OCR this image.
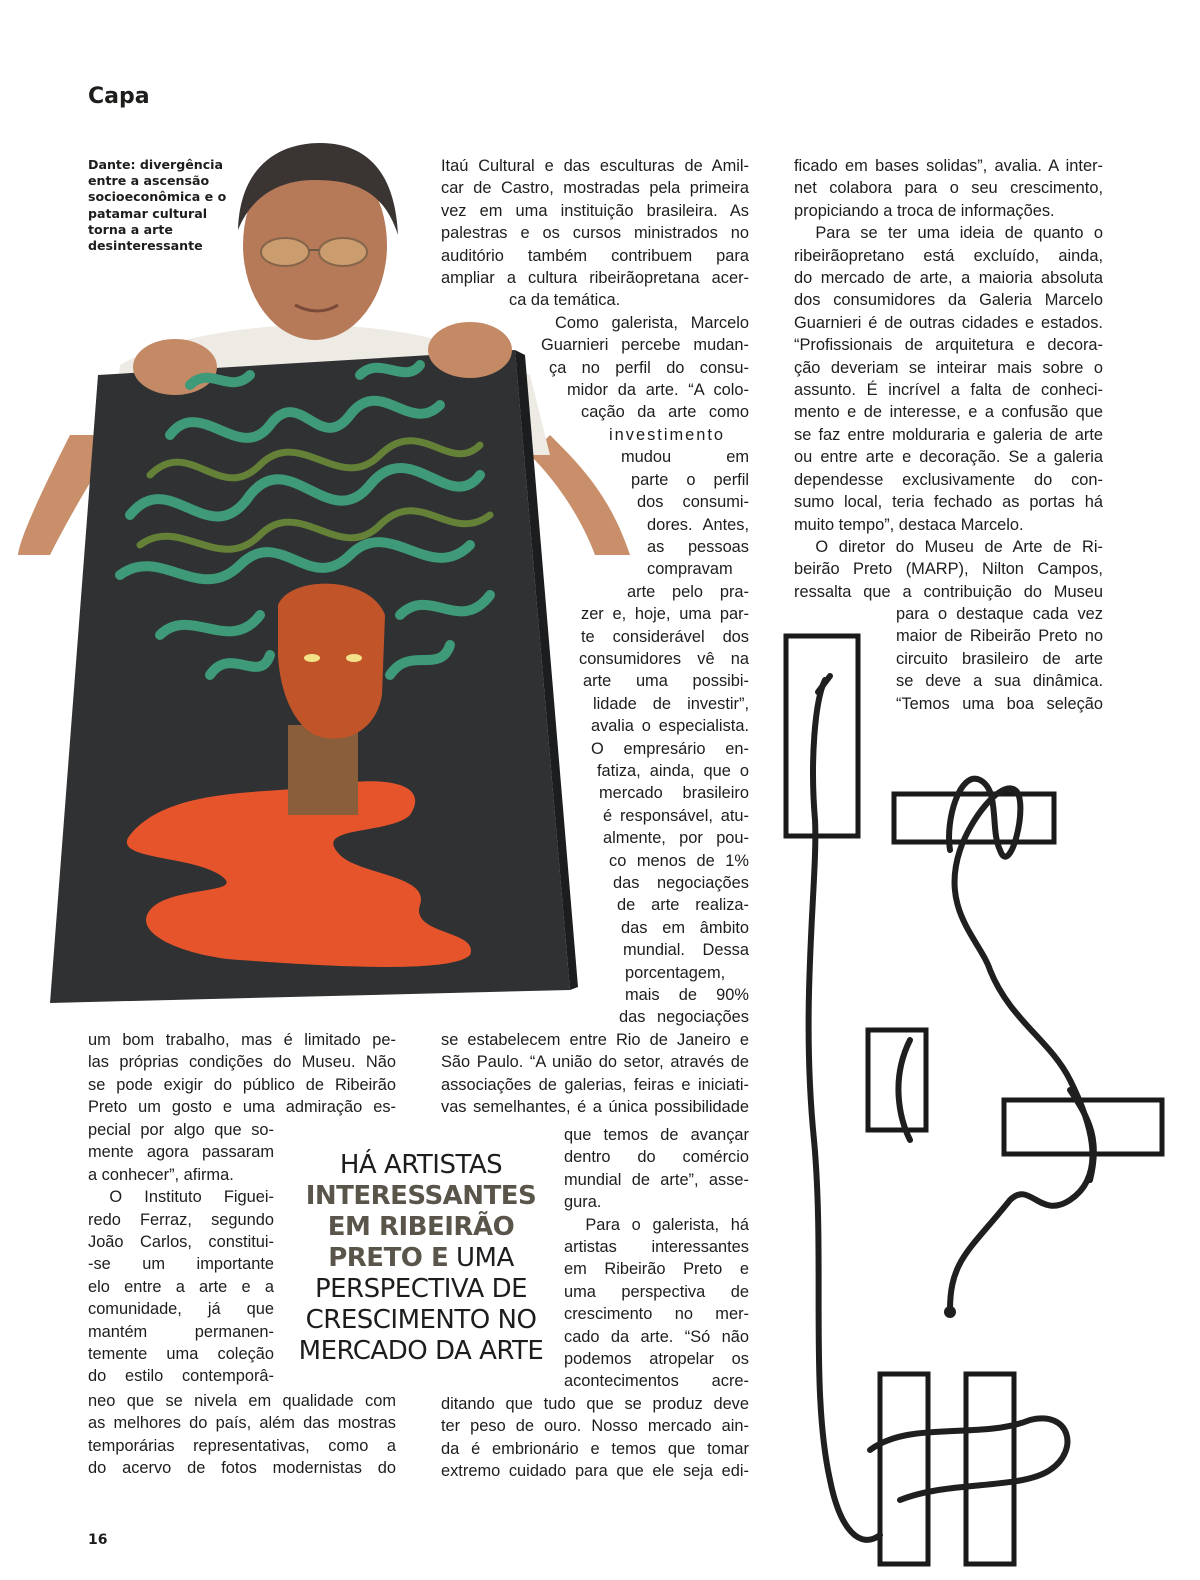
Capa
Dante: divergência entre a ascensão socioeconômica e o patamar cultural torna a arte desinteressante

Itaú Cultural e das esculturas de Amil-

car de Castro, mostradas pela primeira

vez em uma instituição brasileira. As

palestras e os cursos ministrados no

auditório também contribuem para

ampliar a cultura ribeirãopretana acer-

ca da temática.

Como galerista, Marcelo

Guarnieri percebe mudan-

ça no perfil do consu-

midor da arte. “A colo-

cação da arte como

investimento

mudou em

parte o perfil

dos consumi-

dores. Antes,

as pessoas

compravam

arte pelo pra-

zer e, hoje, uma par-

te considerável dos

consumidores vê na

arte uma possibi-

lidade de investir”,

avalia o especialista.

O empresário en-

fatiza, ainda, que o

mercado brasileiro

é responsável, atu-

almente, por pou-

co menos de 1%

das negociações

de arte realiza-

das em âmbito

mundial. Dessa

porcentagem,

mais de 90%

das negociações

se estabelecem entre Rio de Janeiro e

São Paulo. “A união do setor, através de

associações de galerias, feiras e iniciati-

vas semelhantes, é a única possibilidade

que temos de avançar

dentro do comércio

mundial de arte”, asse-

gura.

Para o galerista, há

artistas interessantes

em Ribeirão Preto e

uma perspectiva de

crescimento no mer-

cado da arte. “Só não

podemos atropelar os

acontecimentos acre-

ditando que tudo que se produz deve

ter peso de ouro. Nosso mercado ain-

da é embrionário e temos que tomar

extremo cuidado para que ele seja edi-

ficado em bases solidas”, avalia. A inter-

net colabora para o seu crescimento,

propiciando a troca de informações.

Para se ter uma ideia de quanto o

ribeirãopretano está excluído, ainda,

do mercado de arte, a maioria absoluta

dos consumidores da Galeria Marcelo

Guarnieri é de outras cidades e estados.

“Profissionais de arquitetura e decora-

ção deveriam se inteirar mais sobre o

assunto. É incrível a falta de conheci-

mento e de interesse, e a confusão que

se faz entre molduraria e galeria de arte

ou entre arte e decoração. Se a galeria

dependesse exclusivamente do con-

sumo local, teria fechado as portas há

muito tempo”, destaca Marcelo.

O diretor do Museu de Arte de Ri-

beirão Preto (MARP), Nilton Campos,

ressalta que a contribuição do Museu

para o destaque cada vez

maior de Ribeirão Preto no

circuito brasileiro de arte

se deve a sua dinâmica.

“Temos uma boa seleção

um bom trabalho, mas é limitado pe-

las próprias condições do Museu. Não

se pode exigir do público de Ribeirão

Preto um gosto e uma admiração es-

pecial por algo que so-

mente agora passaram

a conhecer”, afirma.

O Instituto Figuei-

redo Ferraz, segundo

João Carlos, constitui-

-se um importante

elo entre a arte e a

comunidade, já que

mantém permanen-

temente uma coleção

do estilo contemporâ-

neo que se nivela em qualidade com

as melhores do país, além das mostras

temporárias representativas, como a

do acervo de fotos modernistas do

HÁ ARTISTAS
INTERESSANTES
EM RIBEIRÃO
PRETO E UMA
PERSPECTIVA DE
CRESCIMENTO NO
MERCADO DA ARTE
16
